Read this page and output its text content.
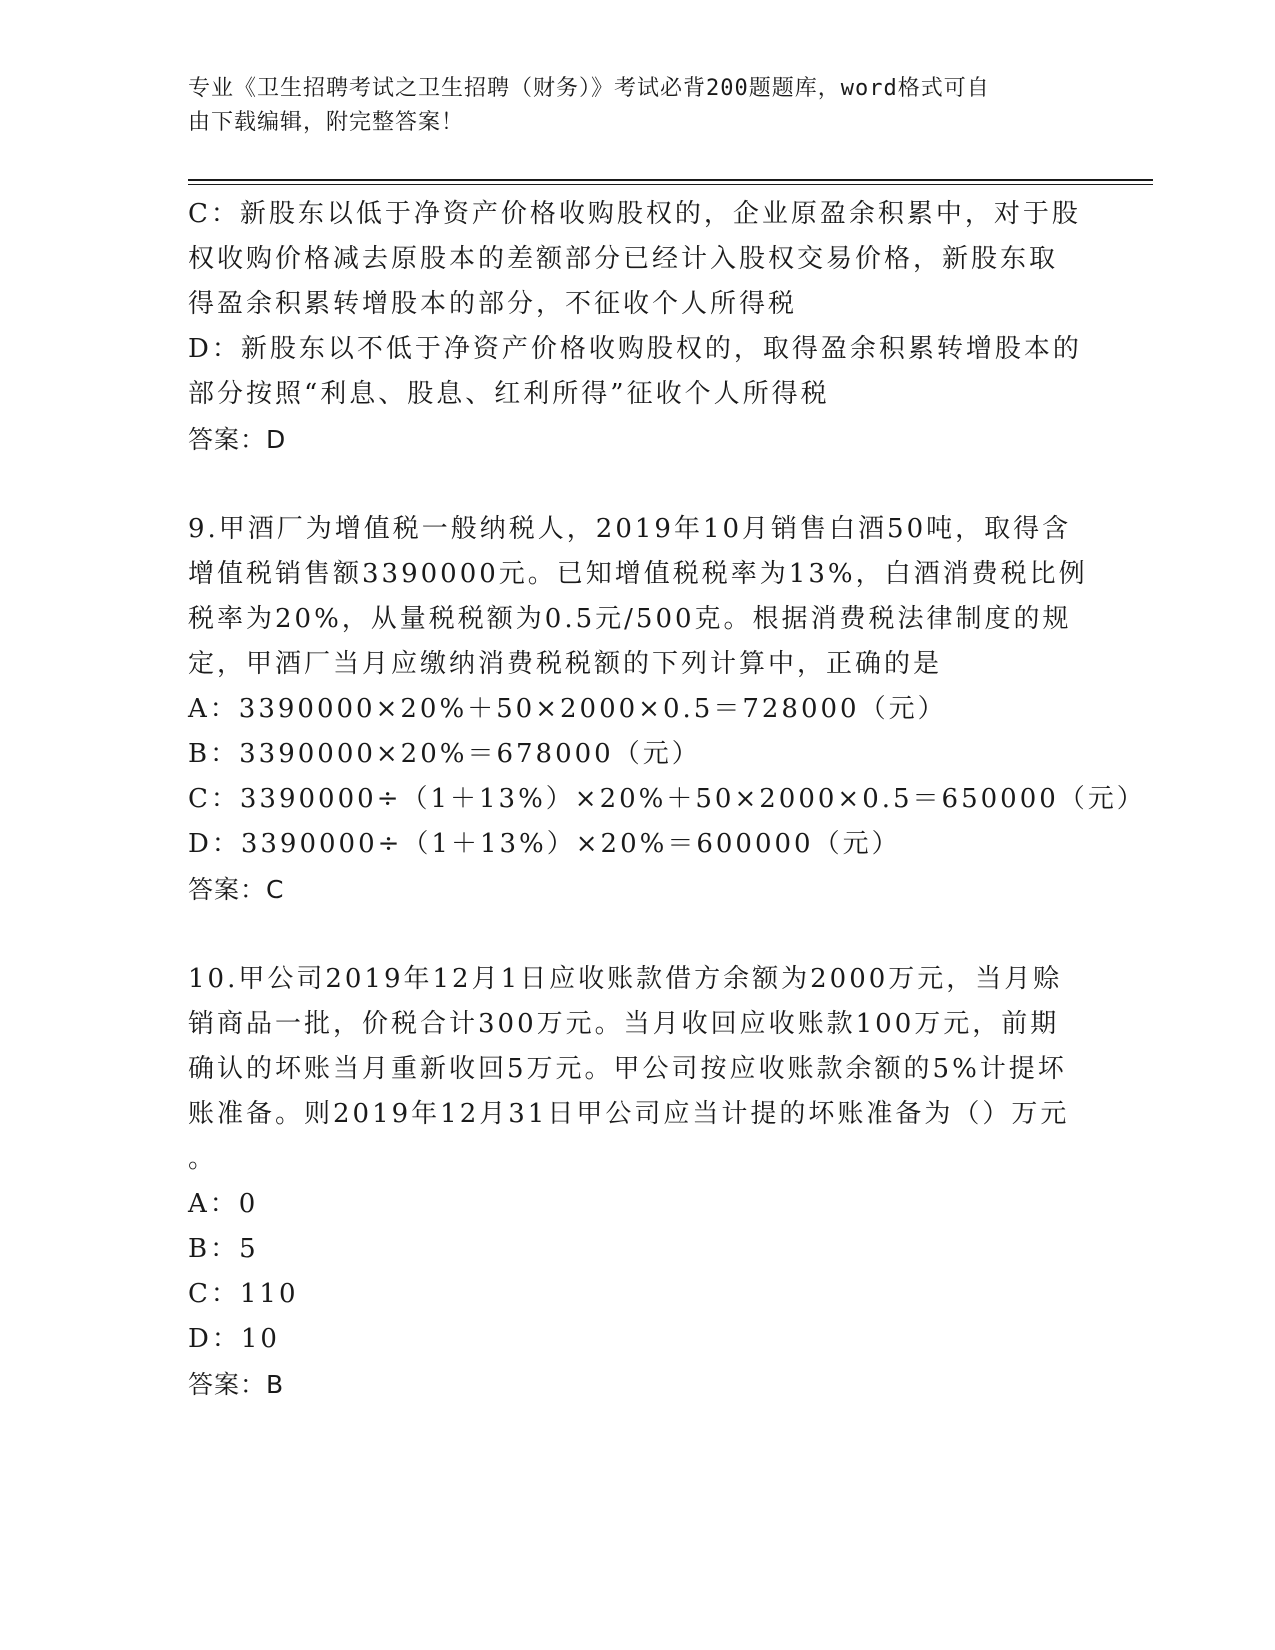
专业《卫生招聘考试之卫生招聘（财务）》考试必背200题题库，word格式可自
由下载编辑，附完整答案！
C：新股东以低于净资产价格收购股权的，企业原盈余积累中，对于股
权收购价格减去原股本的差额部分已经计入股权交易价格，新股东取
得盈余积累转增股本的部分，不征收个人所得税
D：新股东以不低于净资产价格收购股权的，取得盈余积累转增股本的
部分按照“利息、股息、红利所得”征收个人所得税
答案：D
9.甲酒厂为增值税一般纳税人，2019年10月销售白酒50吨，取得含
增值税销售额3390000元。已知增值税税率为13%，白酒消费税比例
税率为20%，从量税税额为0.5元/500克。根据消费税法律制度的规
定，甲酒厂当月应缴纳消费税税额的下列计算中，正确的是
A：3390000×20%＋50×2000×0.5＝728000（元）
B：3390000×20%＝678000（元）
C：3390000÷（1＋13%）×20%＋50×2000×0.5＝650000（元）
D：3390000÷（1＋13%）×20%＝600000（元）
答案：C
10.甲公司2019年12月1日应收账款借方余额为2000万元，当月赊
销商品一批，价税合计300万元。当月收回应收账款100万元，前期
确认的坏账当月重新收回5万元。甲公司按应收账款余额的5%计提坏
账准备。则2019年12月31日甲公司应当计提的坏账准备为（）万元
。
A：0
B：5
C：110
D：10
答案：B
